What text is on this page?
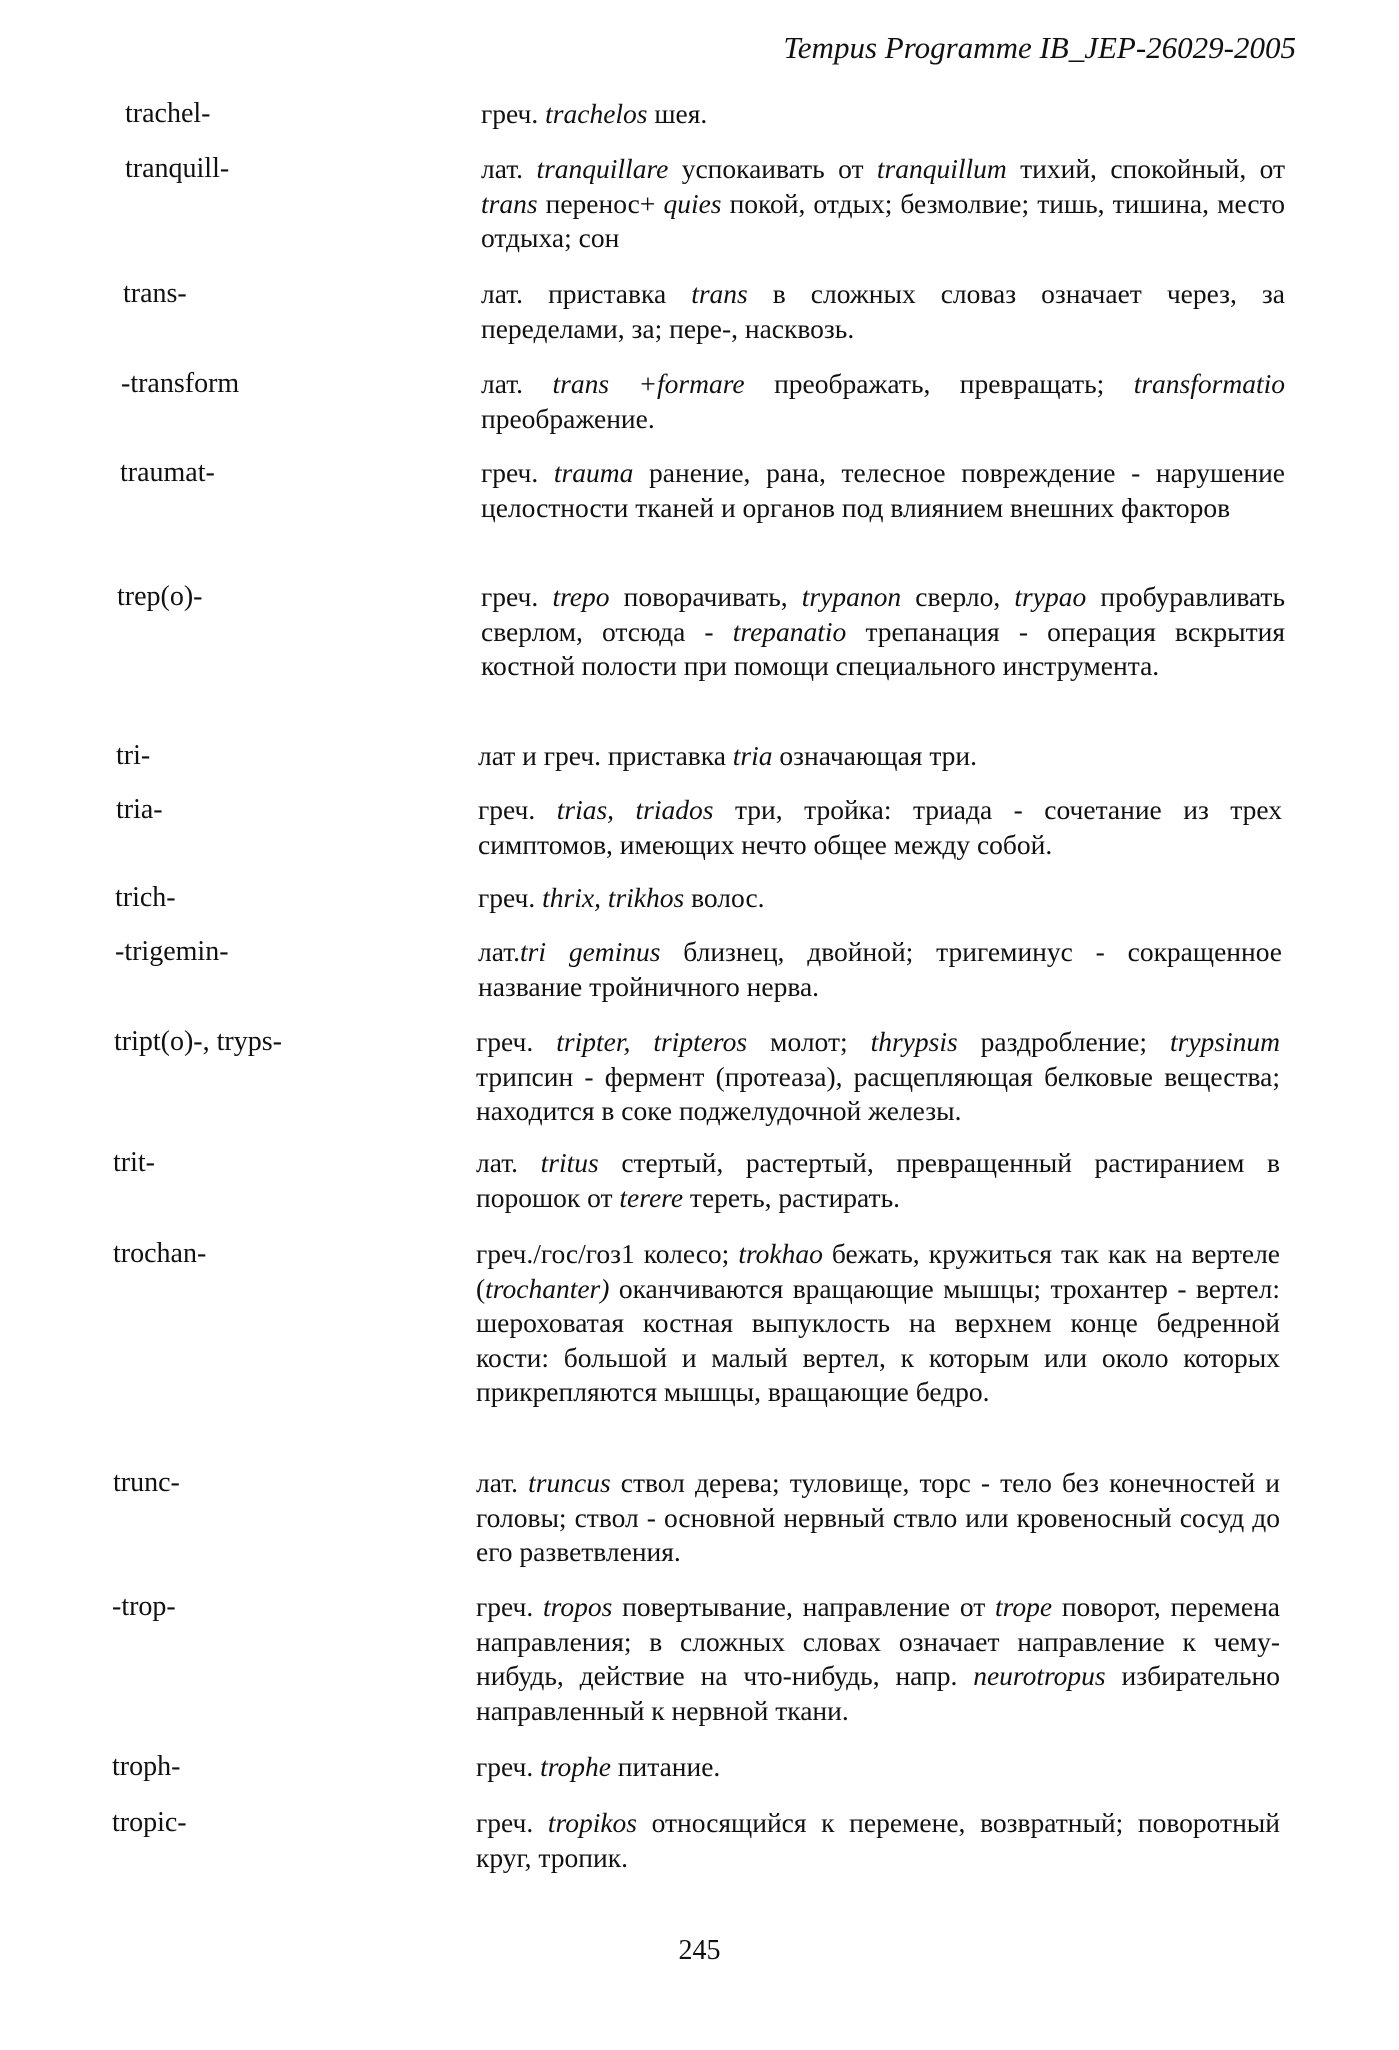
Tempus Programme IB_JEP-26029-2005
trachel-	греч. trachelos шея.
tranquill-	лат. tranquillare успокаивать от tranquillum тихий, спокойный, от trans перенос+ quies покой, отдых; безмолвие; тишь, тишина, место отдыха; сон
trans-	лат. приставка trans в сложных словаз означает через, за переделами, за; пере-, насквозь.
-transform	лат. trans +formare преображать, превращать; transformatio преображение.
traumat-	греч. trauma ранение, рана, телесное повреждение - нарушение целостности тканей и органов под влиянием внешних факторов
trep(o)-	греч. trepo поворачивать, trypanon сверло, trypao пробуравливать сверлом, отсюда - trepanatio трепанация - операция вскрытия костной полости при помощи специального инструмента.
tri-	лат и греч. приставка tria означающая три.
tria-	греч. trias, triados три, тройка: триада - сочетание из трех симптомов, имеющих нечто общее между собой.
trich-	греч. thrix, trikhos волос.
-trigemin-	лат.tri geminus близнец, двойной; тригеминус - сокращенное название тройничного нерва.
tript(o)-, tryps-	греч. tripter, tripteros молот; thrypsis раздробление; trypsinum трипсин - фермент (протеаза), расщепляющая белковые вещества; находится в соке поджелудочной железы.
trit-	лат. tritus стертый, растертый, превращенный растиранием в порошок от terere тереть, растирать.
trochan-	греч./гос/гоз1 колесо; trokhao бежать, кружиться так как на вертеле (trochanter) оканчиваются вращающие мышцы; трохантер - вертел: шероховатая костная выпуклость на верхнем конце бедренной кости: большой и малый вертел, к которым или около которых прикрепляются мышцы, вращающие бедро.
trunc-	лат. truncus ствол дерева; туловище, торс - тело без конечностей и головы; ствол - основной нервный ствло или кровеносный сосуд до его разветвления.
-trop-	греч. tropos повертывание, направление от trope поворот, перемена направления; в сложных словах означает направление к чему-нибудь, действие на что-нибудь, напр. neurotropus избирательно направленный к нервной ткани.
troph-	греч. trophe питание.
tropic-	греч. tropikos относящийся к перемене, возвратный; поворотный круг, тропик.
245
